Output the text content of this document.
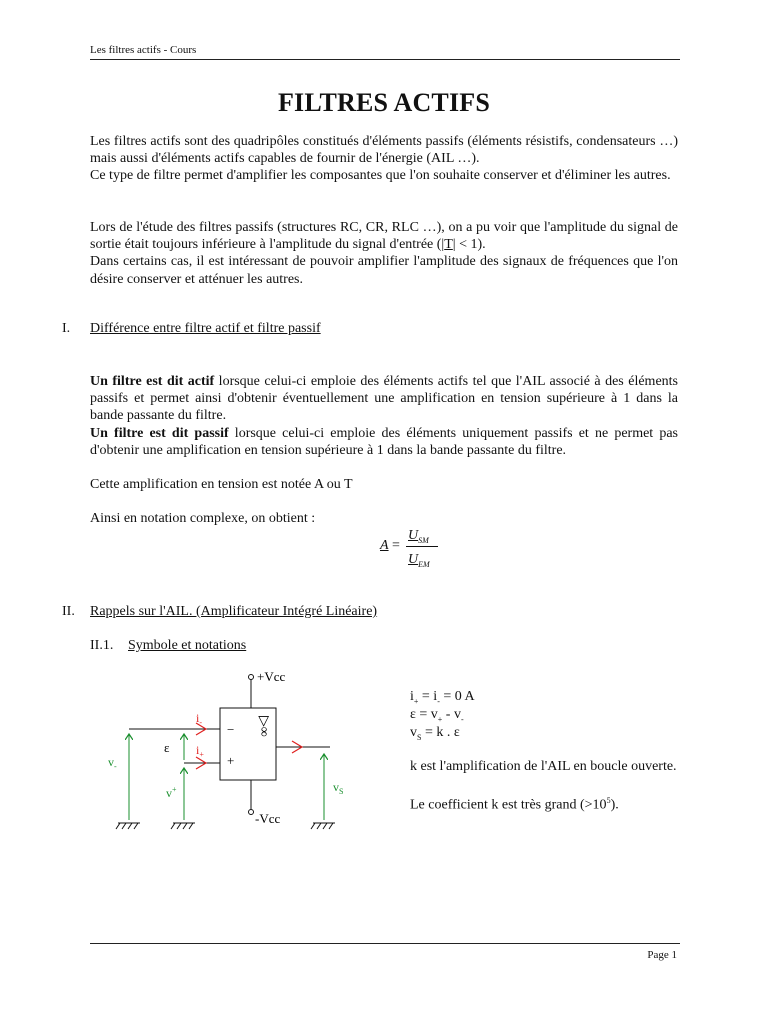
Les filtres actifs - Cours
FILTRES ACTIFS

Les filtres actifs sont des quadripôles constitués d'éléments passifs (éléments résistifs, condensateurs …) mais aussi d'éléments actifs capables de fournir de l'énergie (AIL …).

Ce type de filtre permet d'amplifier les composantes que l'on souhaite conserver et d'éliminer les autres.

Lors de l'étude des filtres passifs (structures RC, CR, RLC …), on a pu voir que l'amplitude du signal de sortie était toujours inférieure à l'amplitude du signal d'entrée (|T| < 1).

Dans certains cas, il est intéressant de pouvoir amplifier l'amplitude des signaux de fréquences que l'on désire conserver et atténuer les autres.

I. Différence entre filtre actif et filtre passif

Un filtre est dit actif lorsque celui-ci emploie des éléments actifs tel que l'AIL associé à des éléments passifs et permet ainsi d'obtenir éventuellement une amplification en tension supérieure à 1 dans la bande passante du filtre.

Un filtre est dit passif lorsque celui-ci emploie des éléments uniquement passifs et ne permet pas d'obtenir une amplification en tension supérieure à 1 dans la bande passante du filtre.

Cette amplification en tension est notée A ou T
Ainsi en notation complexe, on obtient :
A =
$U_{SM}$
$U_{EM}$
II. Rappels sur l'AIL. (Amplificateur Intégré Linéaire)
II.1. Symbole et notations
+Vcc
−
+
▷∞
-Vcc
$i_-$
$i_+$
ε
$v_-$
v+	$v_S$
$i_+ = i_- = 0$ A
$\varepsilon = v_+ - v_-$
$v_S = k$ . ε
k est l'amplification de l'AIL en boucle ouverte.
Le coefficient k est très grand $(>10^5)$.
Page 1
